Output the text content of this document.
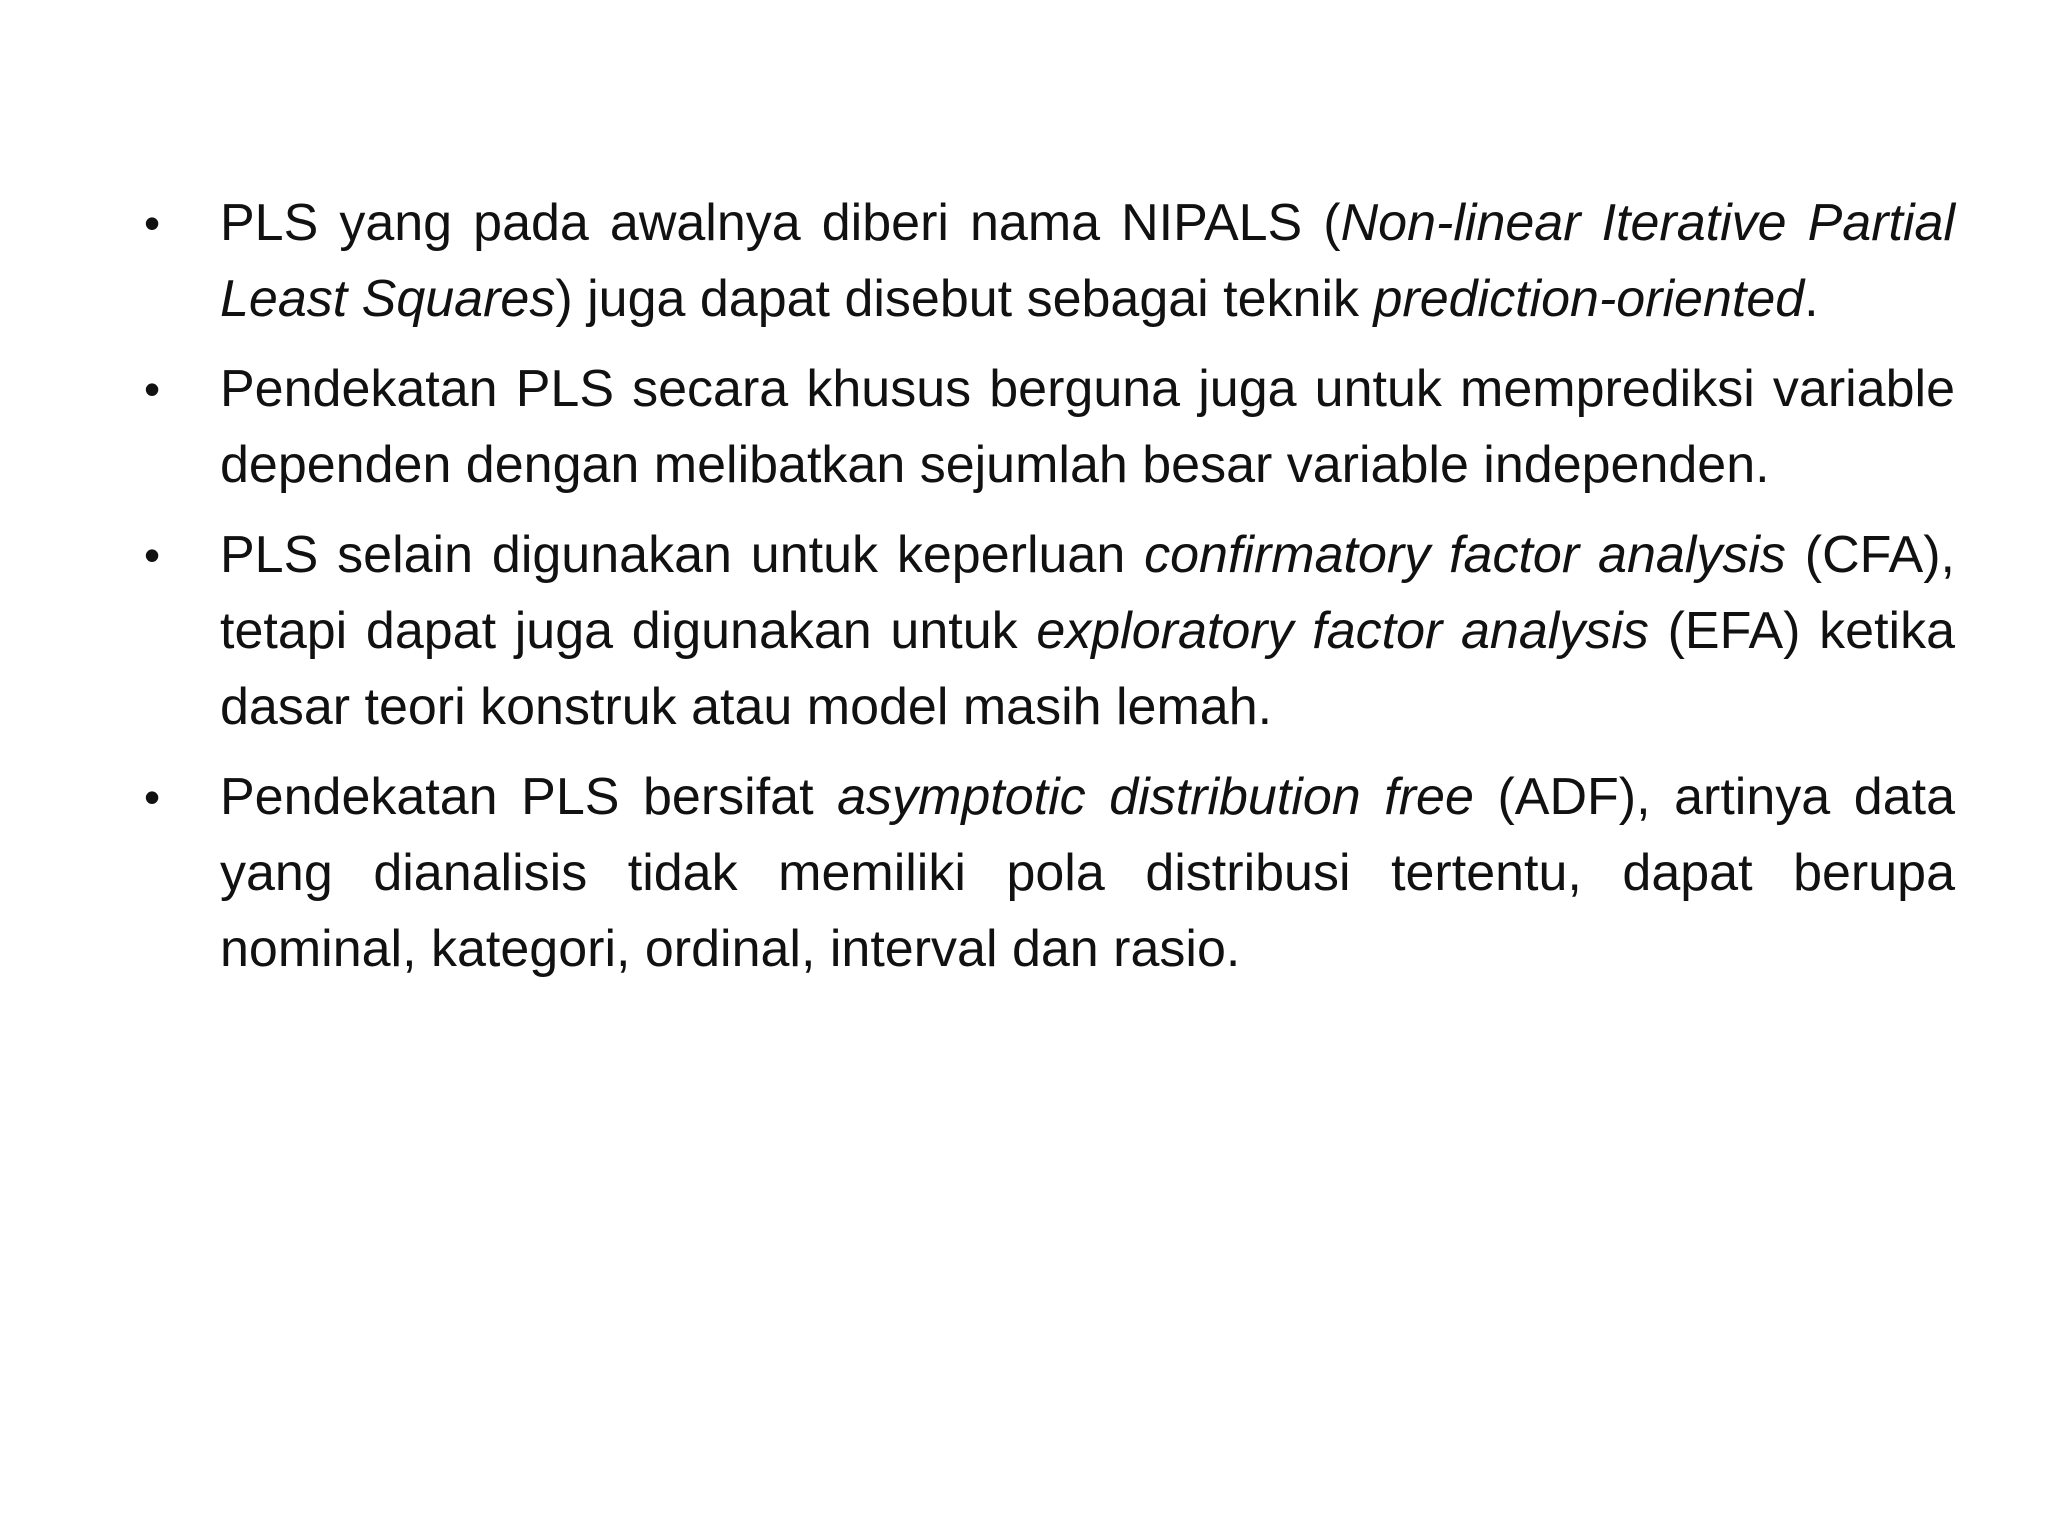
•	PLS yang pada awalnya diberi nama NIPALS (Non-linear Iterative Partial Least Squares) juga dapat disebut sebagai teknik prediction-oriented.
•	Pendekatan PLS secara khusus berguna juga untuk memprediksi variable dependen dengan melibatkan sejumlah besar variable independen.
•	PLS selain digunakan untuk keperluan confirmatory factor analysis (CFA), tetapi dapat juga digunakan untuk exploratory factor analysis (EFA) ketika dasar teori konstruk atau model masih lemah.
•	Pendekatan PLS bersifat asymptotic distribution free (ADF), artinya data yang dianalisis tidak memiliki pola distribusi tertentu, dapat berupa nominal, kategori, ordinal, interval dan rasio.
